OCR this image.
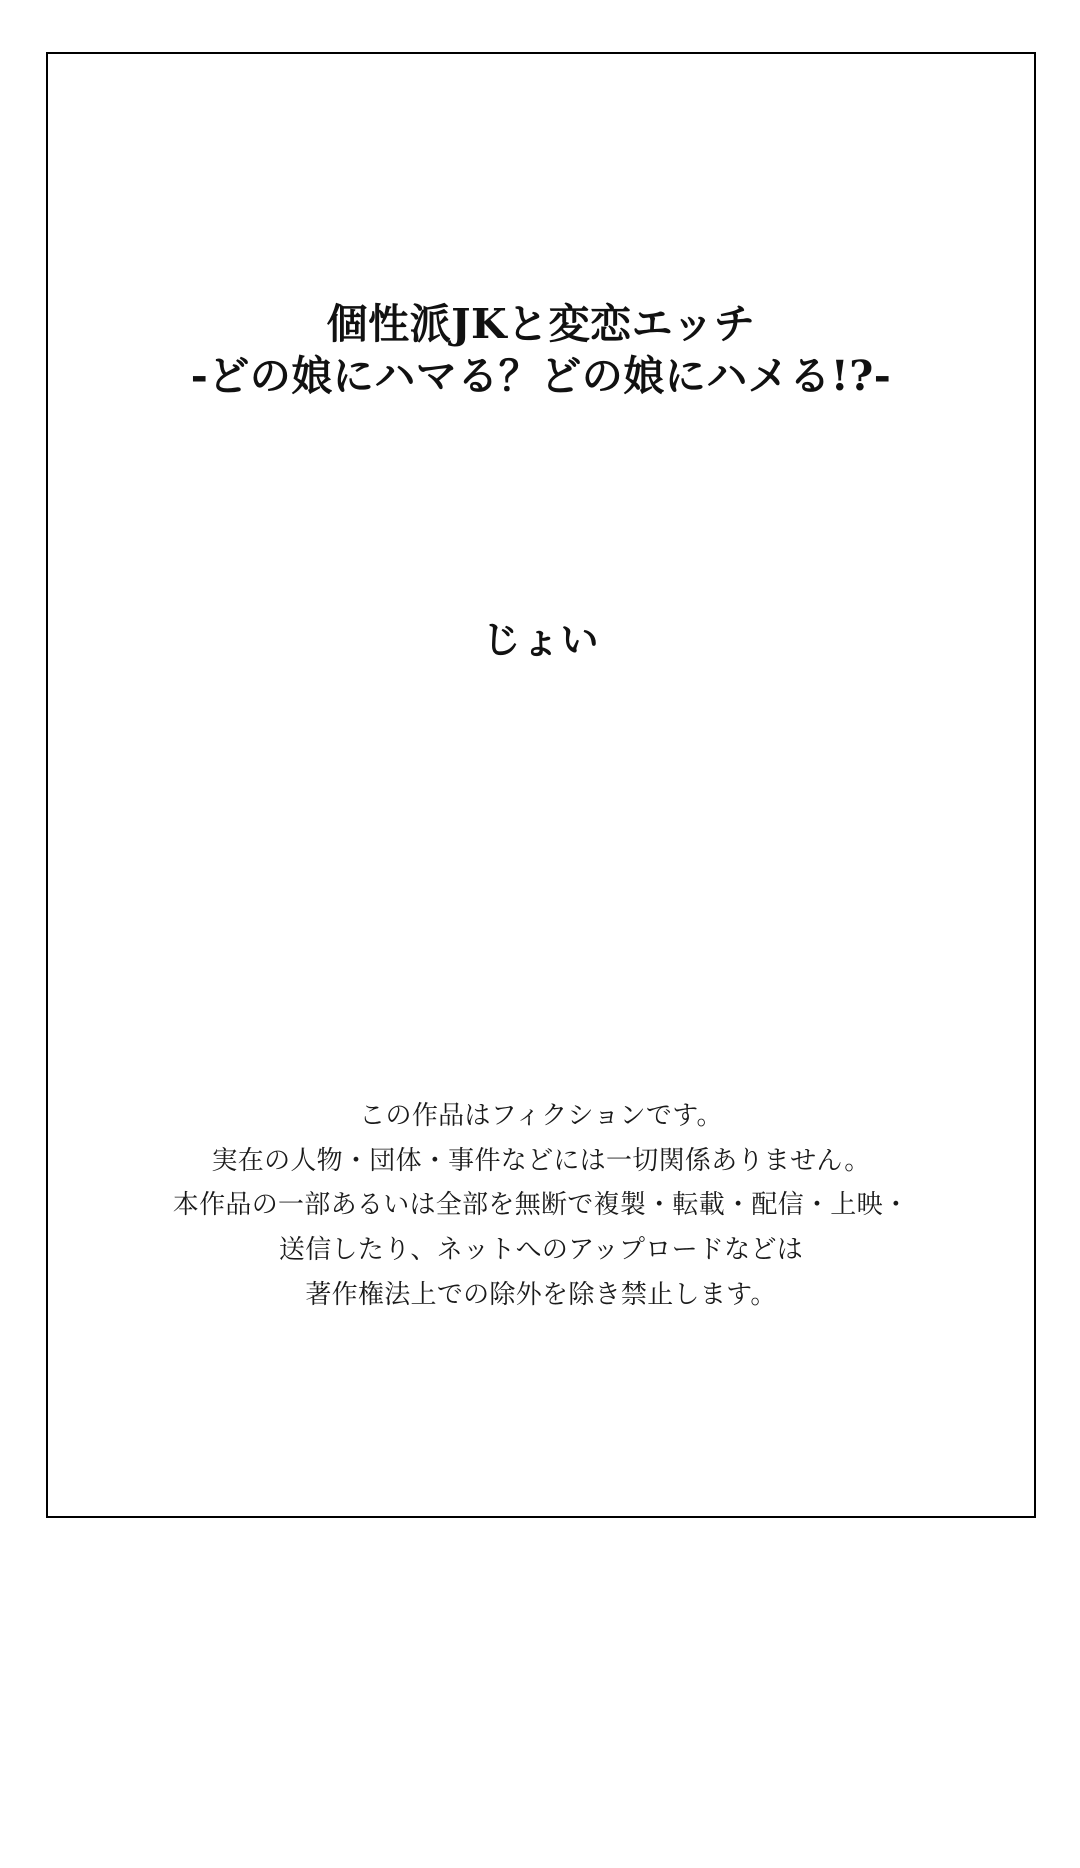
個性派JKと変恋エッチ
-どの娘にハマる？どの娘にハメる!?-
じょい
この作品はフィクションです。
実在の人物・団体・事件などには一切関係ありません。
本作品の一部あるいは全部を無断で複製・転載・配信・上映・
送信したり、ネットへのアップロードなどは
著作権法上での除外を除き禁止します。
